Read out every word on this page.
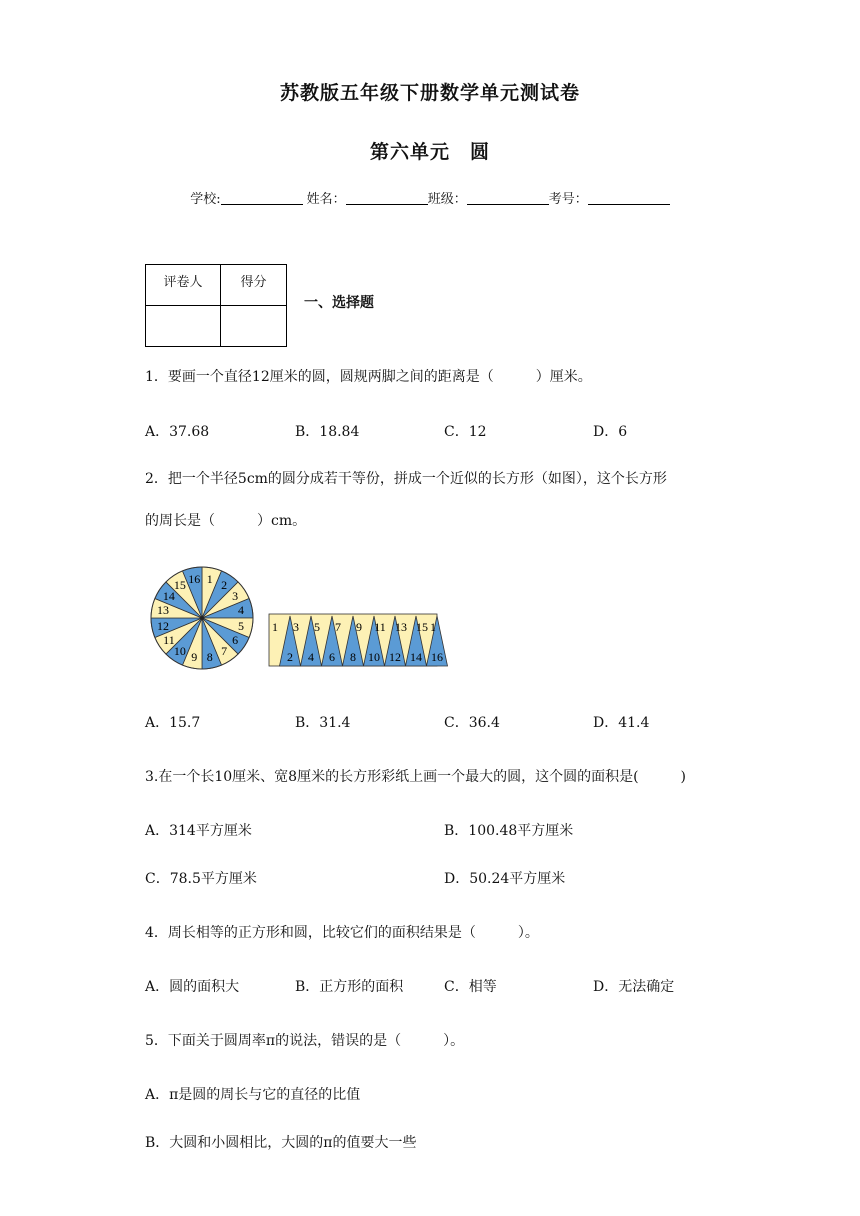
苏教版五年级下册数学单元测试卷
第六单元　圆
学校:	姓名：	班级：	考号：
评卷人	得分

一、选择题
1．要画一个直径12厘米的圆，圆规两脚之间的距离是（　　　）厘米。
A．37.68	B．18.84	C．12	D．6
2．把一个半径5cm的圆分成若干等份，拼成一个近似的长方形（如图），这个长方形
的周长是（　　　）cm。
1 2
3
4
5
6
7
8
9
10
11
12
13
14
15 16
2 4 6 8 10 12 14 16
1 3 5 7 9 11 13 15 1
A．15.7	B．31.4	C．36.4	D．41.4
3.在一个长10厘米、宽8厘米的长方形彩纸上画一个最大的圆，这个圆的面积是(　　　)
A．314平方厘米	B．100.48平方厘米
C．78.5平方厘米	D．50.24平方厘米
4．周长相等的正方形和圆，比较它们的面积结果是（　　　）。
A．圆的面积大	B．正方形的面积	C．相等	D．无法确定
5．下面关于圆周率π的说法，错误的是（　　　）。
A．π是圆的周长与它的直径的比值
B．大圆和小圆相比，大圆的π的值要大一些
